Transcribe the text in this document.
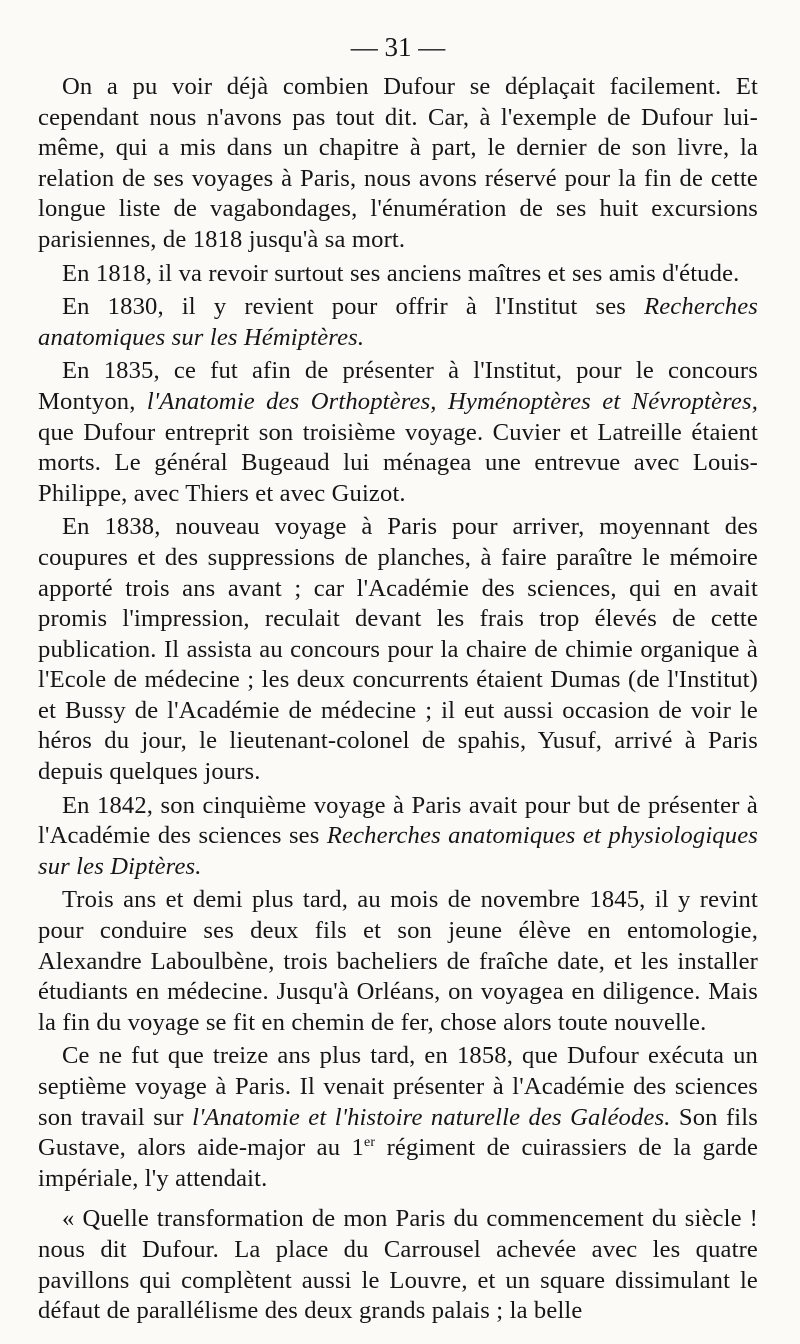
— 31 —

On a pu voir déjà combien Dufour se déplaçait facilement. Et cependant nous n'avons pas tout dit. Car, à l'exemple de Dufour lui-même, qui a mis dans un chapitre à part, le dernier de son livre, la relation de ses voyages à Paris, nous avons réservé pour la fin de cette longue liste de vagabondages, l'énumération de ses huit excursions parisiennes, de 1818 jusqu'à sa mort.

En 1818, il va revoir surtout ses anciens maîtres et ses amis d'étude.

En 1830, il y revient pour offrir à l'Institut ses Recherches anatomiques sur les Hémiptères.

En 1835, ce fut afin de présenter à l'Institut, pour le concours Montyon, l'Anatomie des Orthoptères, Hyménoptères et Névroptères, que Dufour entreprit son troisième voyage. Cuvier et Latreille étaient morts. Le général Bugeaud lui ménagea une entrevue avec Louis-Philippe, avec Thiers et avec Guizot.

En 1838, nouveau voyage à Paris pour arriver, moyennant des coupures et des suppressions de planches, à faire paraître le mémoire apporté trois ans avant ; car l'Académie des sciences, qui en avait promis l'impression, reculait devant les frais trop élevés de cette publication. Il assista au concours pour la chaire de chimie organique à l'Ecole de médecine ; les deux concurrents étaient Dumas (de l'Institut) et Bussy de l'Académie de médecine ; il eut aussi occasion de voir le héros du jour, le lieutenant-colonel de spahis, Yusuf, arrivé à Paris depuis quelques jours.

En 1842, son cinquième voyage à Paris avait pour but de présenter à l'Académie des sciences ses Recherches anatomiques et physiologiques sur les Diptères.

Trois ans et demi plus tard, au mois de novembre 1845, il y revint pour conduire ses deux fils et son jeune élève en entomologie, Alexandre Laboulbène, trois bacheliers de fraîche date, et les installer étudiants en médecine. Jusqu'à Orléans, on voyagea en diligence. Mais la fin du voyage se fit en chemin de fer, chose alors toute nouvelle.

Ce ne fut que treize ans plus tard, en 1858, que Dufour exécuta un septième voyage à Paris. Il venait présenter à l'Académie des sciences son travail sur l'Anatomie et l'histoire naturelle des Galéodes. Son fils Gustave, alors aide-major au 1er régiment de cuirassiers de la garde impériale, l'y attendait.

« Quelle transformation de mon Paris du commencement du siècle ! nous dit Dufour. La place du Carrousel achevée avec les quatre pavillons qui complètent aussi le Louvre, et un square dissimulant le défaut de parallélisme des deux grands palais ; la belle
